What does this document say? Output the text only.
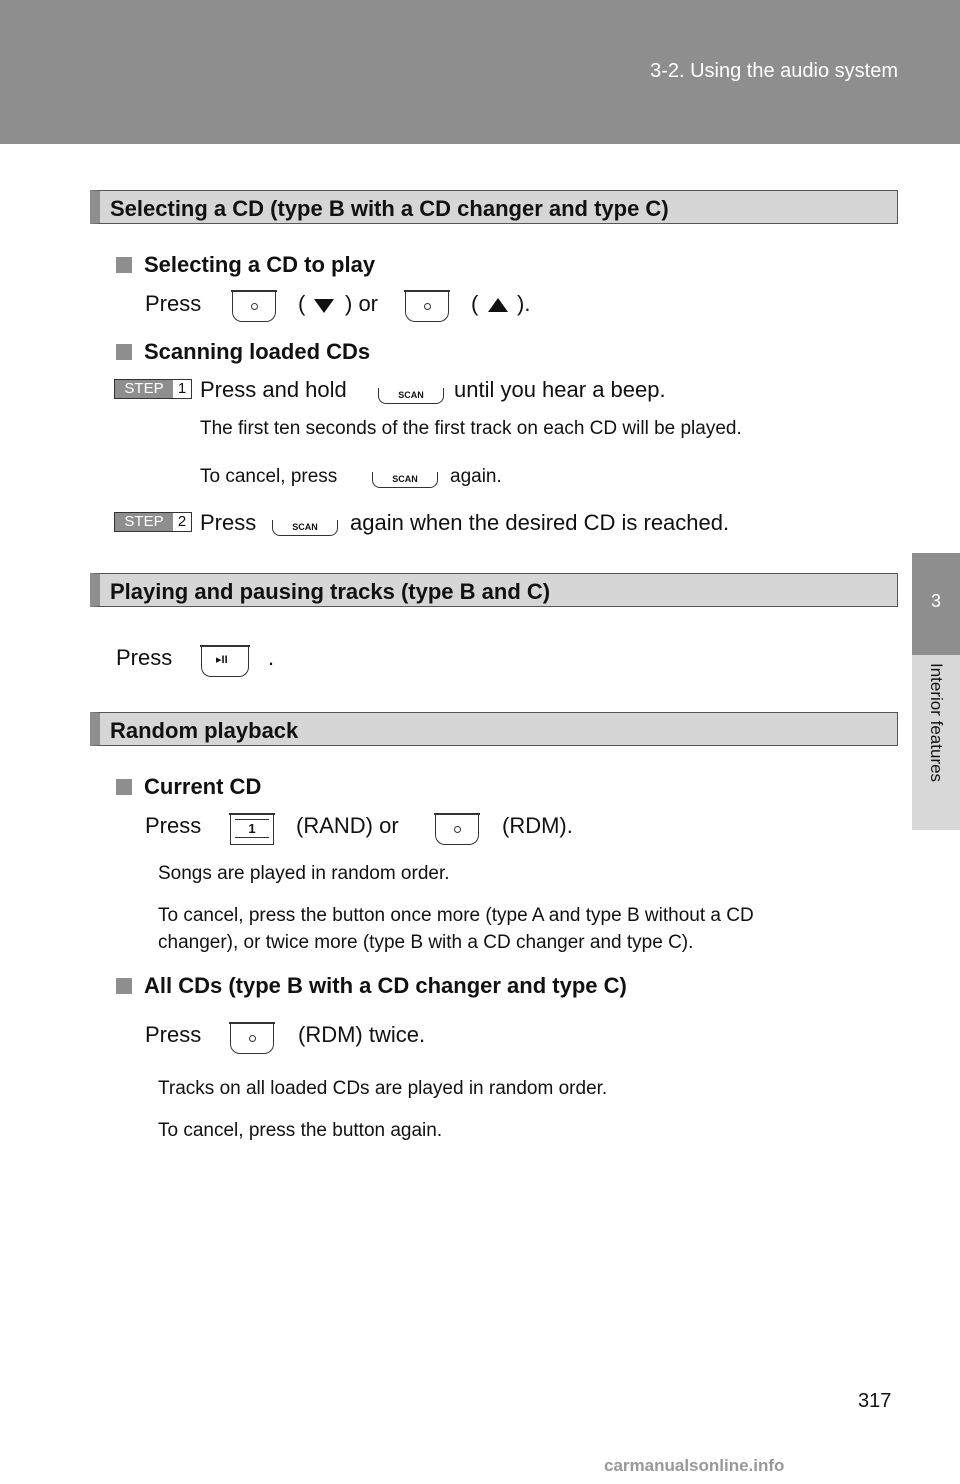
3-2. Using the audio system
3
Interior features
Selecting a CD (type B with a CD changer and type C)
Selecting a CD to play
Press	( ) or	( ).
Scanning loaded CDs
STEP 1 Press and hold	SCAN	until you hear a beep.
The first ten seconds of the first track on each CD will be played.
To cancel, press	SCAN	again.
STEP 2 Press	SCAN	again when the desired CD is reached.
Playing and pausing tracks (type B and C)
Press	▸II .
Random playback
Current CD
Press	1	(RAND) or	(RDM).
Songs are played in random order.
To cancel, press the button once more (type A and type B without a CD
changer), or twice more (type B with a CD changer and type C).
All CDs (type B with a CD changer and type C)
Press	(RDM) twice.
Tracks on all loaded CDs are played in random order.
To cancel, press the button again.
317
carmanualsonline.info
